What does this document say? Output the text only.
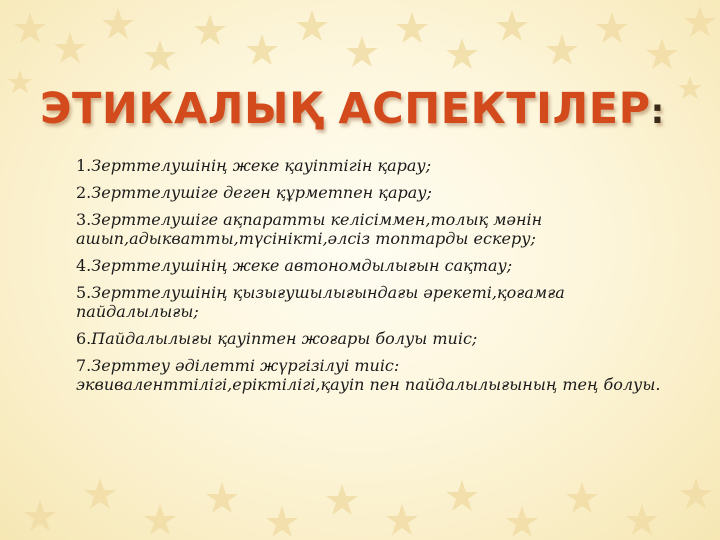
ЭТИКАЛЫҚ АСПЕКТІЛЕР:
1.Зерттелушінің жеке қауіптігін қарау;
2.Зерттелушіге деген құрметпен қарау;
3.Зерттелушіге ақпаратты келісіммен,толық мәнін ашып,адыкватты,түсінікті,әлсіз топтарды ескеру;
4.Зерттелушінің жеке автономдылығын сақтау;
5.Зерттелушінің қызығушылығындағы әрекеті,қоғамға пайдалылығы;
6.Пайдалылығы қауіптен жоғары болуы тиіс;
7.Зерттеу әділетті жүргізілуі тиіс: эквиваленттілігі,еріктілігі,қауіп пен пайдалылығының тең болуы.
